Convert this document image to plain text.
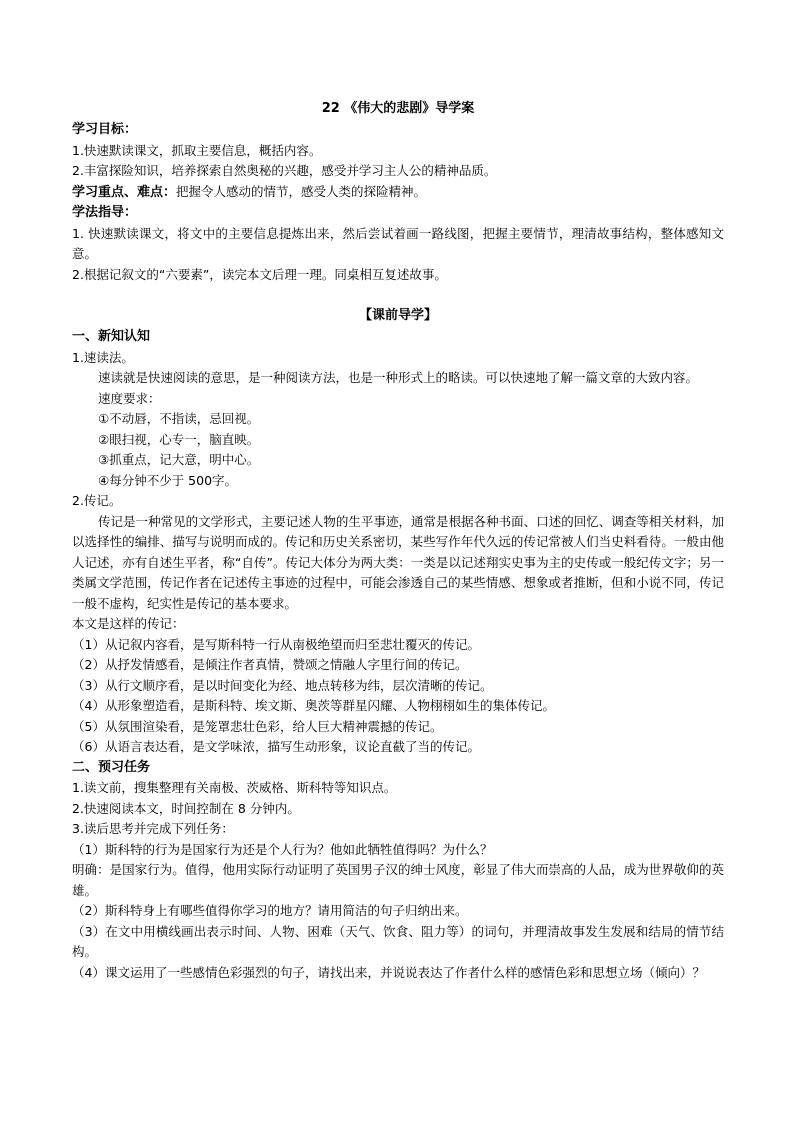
22 《伟大的悲剧》导学案
学习目标：
1.快速默读课文，抓取主要信息，概括内容。
2.丰富探险知识，培养探索自然奥秘的兴趣，感受并学习主人公的精神品质。
学习重点、难点：把握令人感动的情节，感受人类的探险精神。
学法指导：
1. 快速默读课文，将文中的主要信息提炼出来，然后尝试着画一路线图，把握主要情节，理清故事结构，整体感知文意。
2.根据记叙文的“六要素”，读完本文后理一理。同桌相互复述故事。
【课前导学】
一、新知认知
1.速读法。
速读就是快速阅读的意思，是一种阅读方法，也是一种形式上的略读。可以快速地了解一篇文章的大致内容。
速度要求：
①不动唇，不指读，忌回视。
②眼扫视，心专一，脑直映。
③抓重点，记大意，明中心。
④每分钟不少于 500字。
2.传记。
传记是一种常见的文学形式，主要记述人物的生平事迹，通常是根据各种书面、口述的回忆、调查等相关材料，加以选择性的编排、描写与说明而成的。传记和历史关系密切，某些写作年代久远的传记常被人们当史料看待。一般由他人记述，亦有自述生平者，称“自传”。传记大体分为两大类：一类是以记述翔实史事为主的史传或一般纪传文字；另一类属文学范围，传记作者在记述传主事迹的过程中，可能会渗透自己的某些情感、想象或者推断，但和小说不同，传记一般不虚构，纪实性是传记的基本要求。
本文是这样的传记：
（1）从记叙内容看，是写斯科特一行从南极绝望而归至悲壮覆灭的传记。
（2）从抒发情感看，是倾注作者真情，赞颂之情融人字里行间的传记。
（3）从行文顺序看，是以时间变化为经、地点转移为纬，层次清晰的传记。
（4）从形象塑造看，是斯科特、埃文斯、奥茨等群星闪耀、人物栩栩如生的集体传记。
（5）从氛围渲染看，是笼罩悲壮色彩，给人巨大精神震撼的传记。
（6）从语言表达看，是文学味浓，描写生动形象，议论直截了当的传记。
二、预习任务
1.读文前，搜集整理有关南极、茨威格、斯科特等知识点。
2.快速阅读本文，时间控制在 8 分钟内。
3.读后思考并完成下列任务：
（1）斯科特的行为是国家行为还是个人行为？他如此牺牲值得吗？为什么？
明确：是国家行为。值得，他用实际行动证明了英国男子汉的绅士风度，彰显了伟大而崇高的人品，成为世界敬仰的英雄。
（2）斯科特身上有哪些值得你学习的地方？请用简洁的句子归纳出来。
（3）在文中用横线画出表示时间、人物、困难（天气、饮食、阻力等）的词句，并理清故事发生发展和结局的情节结构。
（4）课文运用了一些感情色彩强烈的句子，请找出来，并说说表达了作者什么样的感情色彩和思想立场（倾向）？
